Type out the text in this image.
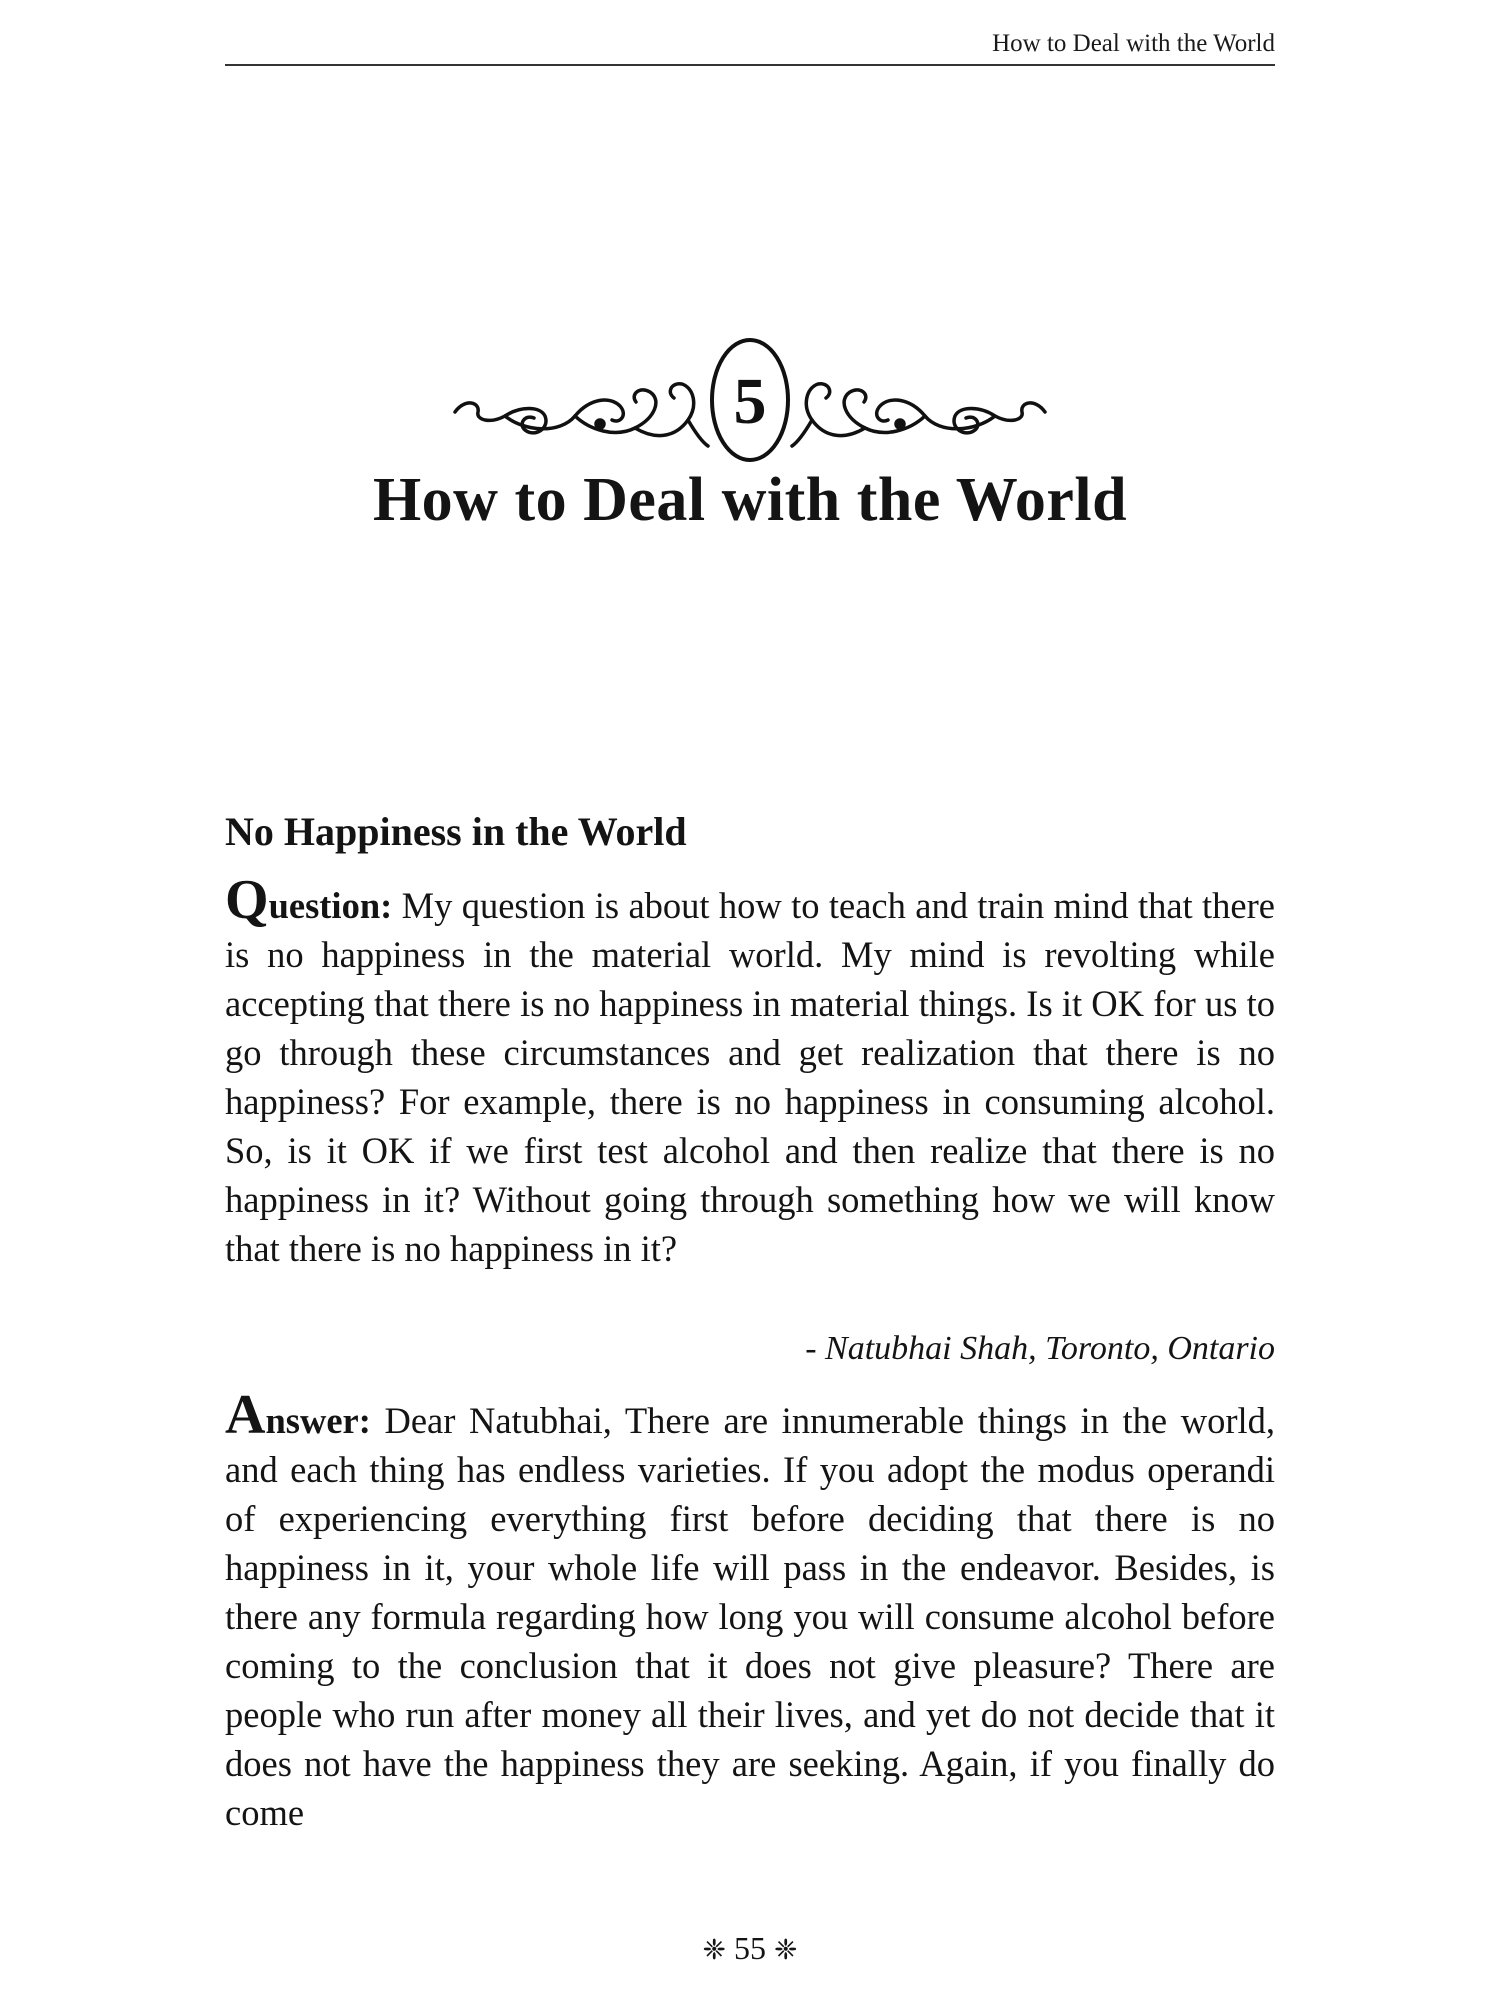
How to Deal with the World
5
How to Deal with the World
No Happiness in the World

Question: My question is about how to teach and train mind that there is no happiness in the material world. My mind is revolting while accepting that there is no happiness in material things. Is it OK for us to go through these circumstances and get realization that there is no happiness? For example, there is no happiness in consuming alcohol. So, is it OK if we first test alcohol and then realize that there is no happiness in it? Without going through something how we will know that there is no happiness in it?

- Natubhai Shah, Toronto, Ontario

Answer: Dear Natubhai, There are innumerable things in the world, and each thing has endless varieties. If you adopt the modus operandi of experiencing everything first before deciding that there is no happiness in it, your whole life will pass in the endeavor. Besides, is there any formula regarding how long you will consume alcohol before coming to the conclusion that it does not give pleasure? There are people who run after money all their lives, and yet do not decide that it does not have the happiness they are seeking. Again, if you finally do come

❈ 55 ❈
